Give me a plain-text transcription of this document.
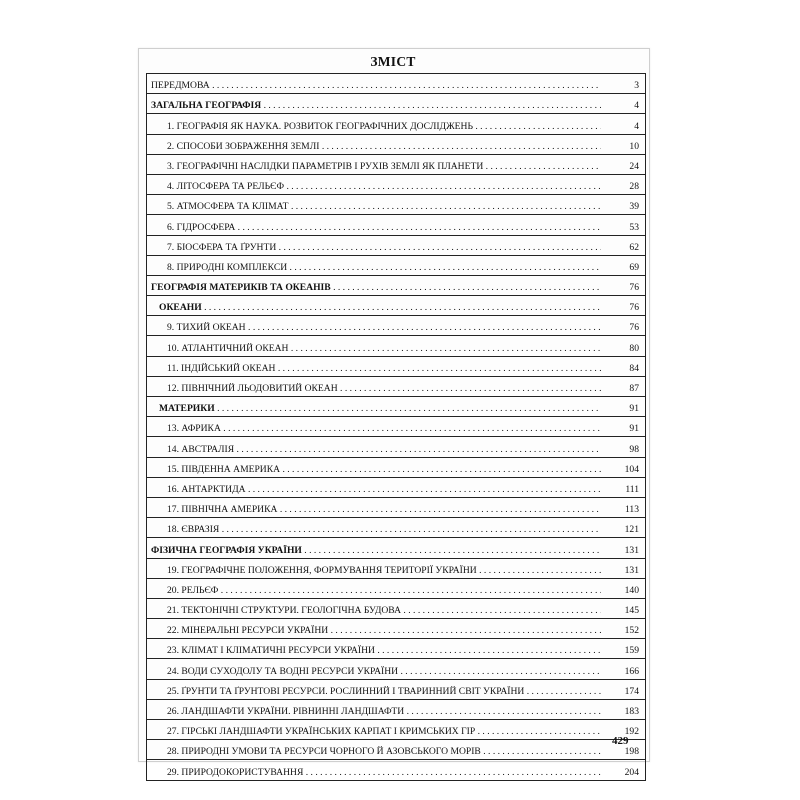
ЗМІСТ
ПЕРЕДМОВА . . .	3
ЗАГАЛЬНА ГЕОГРАФІЯ . . .	4
1. ГЕОГРАФІЯ ЯК НАУКА. РОЗВИТОК ГЕОГРАФІЧНИХ ДОСЛІДЖЕНЬ . . .	4
2. СПОСОБИ ЗОБРАЖЕННЯ ЗЕМЛІ . . .	10
3. ГЕОГРАФІЧНІ НАСЛІДКИ ПАРАМЕТРІВ І РУХІВ ЗЕМЛІ ЯК ПЛАНЕТИ . . .	24
4. ЛІТОСФЕРА ТА РЕЛЬЄФ . . .	28
5. АТМОСФЕРА ТА КЛІМАТ . . .	39
6. ГІДРОСФЕРА . . .	53
7. БІОСФЕРА ТА ҐРУНТИ . . .	62
8. ПРИРОДНІ КОМПЛЕКСИ . . .	69
ГЕОГРАФІЯ МАТЕРИКІВ ТА ОКЕАНІВ . . .	76
ОКЕАНИ . . .	76
9. ТИХИЙ ОКЕАН . . .	76
10. АТЛАНТИЧНИЙ ОКЕАН . . .	80
11. ІНДІЙСЬКИЙ ОКЕАН . . .	84
12. ПІВНІЧНИЙ ЛЬОДОВИТИЙ ОКЕАН . . .	87
МАТЕРИКИ . . .	91
13. АФРИКА . . .	91
14. АВСТРАЛІЯ . . .	98
15. ПІВДЕННА АМЕРИКА . . .	104
16. АНТАРКТИДА . . .	111
17. ПІВНІЧНА АМЕРИКА . . .	113
18. ЄВРАЗІЯ . . .	121
ФІЗИЧНА ГЕОГРАФІЯ УКРАЇНИ . . .	131
19. ГЕОГРАФІЧНЕ ПОЛОЖЕННЯ, ФОРМУВАННЯ ТЕРИТОРІЇ УКРАЇНИ . . .	131
20. РЕЛЬЄФ . . .	140
21. ТЕКТОНІЧНІ СТРУКТУРИ. ГЕОЛОГІЧНА БУДОВА . . .	145
22. МІНЕРАЛЬНІ РЕСУРСИ УКРАЇНИ . . .	152
23. КЛІМАТ І КЛІМАТИЧНІ РЕСУРСИ УКРАЇНИ . . .	159
24. ВОДИ СУХОДОЛУ ТА ВОДНІ РЕСУРСИ УКРАЇНИ . . .	166
25. ҐРУНТИ ТА ҐРУНТОВІ РЕСУРСИ. РОСЛИННИЙ І ТВАРИННИЙ СВІТ УКРАЇНИ . . .	174
26. ЛАНДШАФТИ УКРАЇНИ. РІВНИННІ ЛАНДШАФТИ . . .	183
27. ГІРСЬКІ ЛАНДШАФТИ УКРАЇНСЬКИХ КАРПАТ І КРИМСЬКИХ ГІР . . .	192
28. ПРИРОДНІ УМОВИ ТА РЕСУРСИ ЧОРНОГО Й АЗОВСЬКОГО МОРІВ . . .	198
29. ПРИРОДОКОРИСТУВАННЯ . . .	204
429
